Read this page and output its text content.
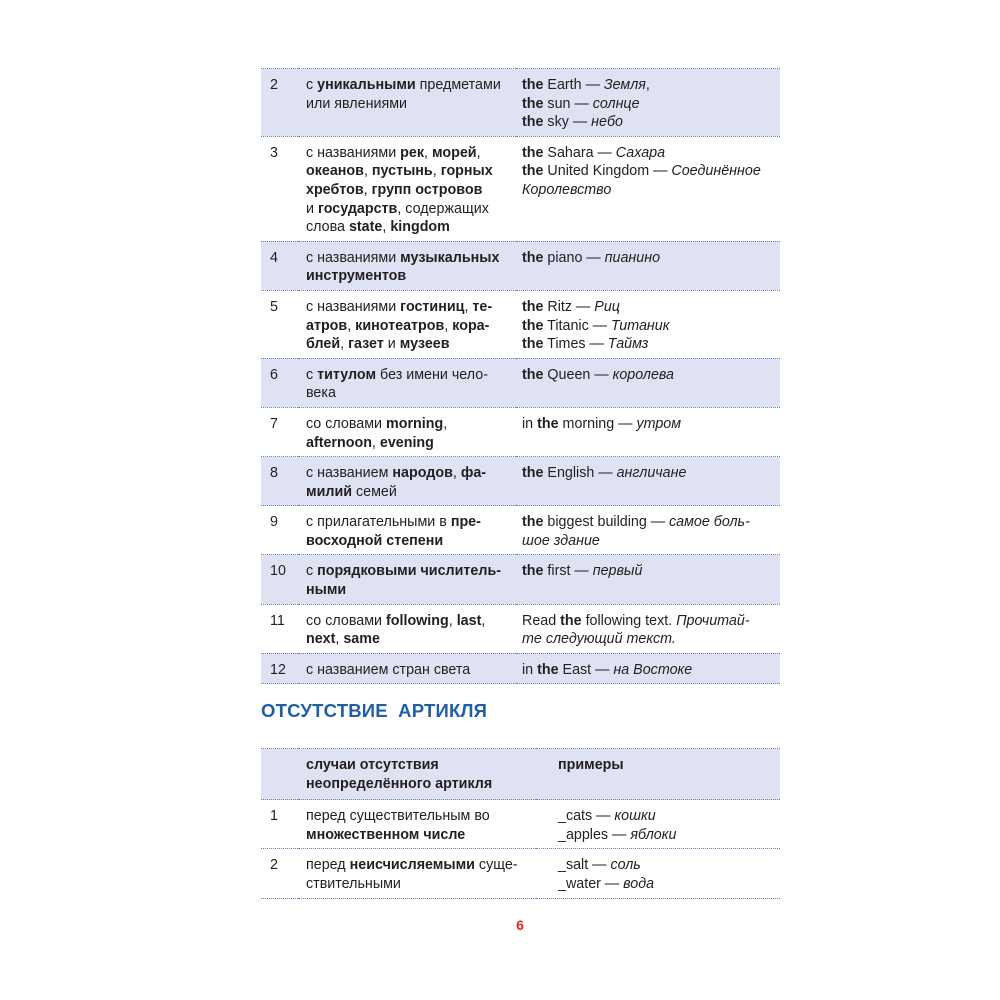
2	с уникальными предметами
или явлениями	the Earth — Земля,
the sun — солнце
the sky — небо
3	с названиями рек, морей,
океанов, пустынь, горных
хребтов, групп островов
и государств, содержащих
слова state, kingdom	the Sahara — Сахара
the United Kingdom — Соединённое
Королевство
4	с названиями музыкальных
инструментов	the piano — пианино
5	с названиями гостиниц, те-
атров, кинотеатров, кора-
блей, газет и музеев	the Ritz — Риц
the Titanic — Титаник
the Times — Таймз
6	с титулом без имени чело-
века	the Queen — королева
7	со словами morning,
afternoon, evening	in the morning — утром
8	с названием народов, фа-
милий семей	the English — англичане
9	с прилагательными в пре-
восходной степени	the biggest building — самое боль-
шое здание
10	с порядковыми числитель-
ными	the first — первый
11	со словами following, last,
next, same	Read the following text. Прочитай-
те следующий текст.
12	с названием стран света	in the East — на Востоке
ОТСУТСТВИЕ АРТИКЛЯ
	случаи отсутствия
неопределённого артикля	примеры
1	перед существительным во
множественном числе	_cats — кошки
_apples — яблоки
2	перед неисчисляемыми суще-
ствительными	_salt — соль
_water — вода
6
